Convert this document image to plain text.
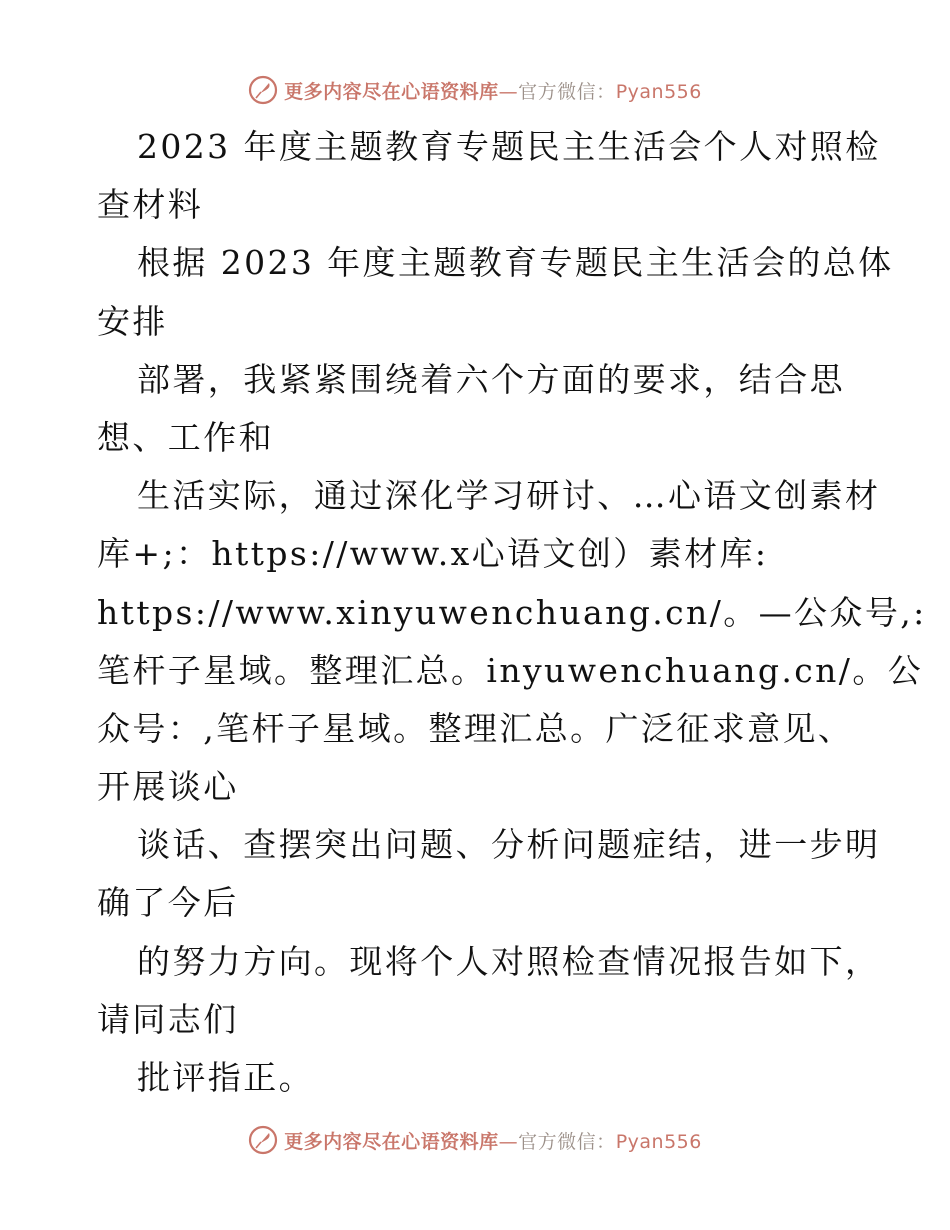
更多内容尽在心语资料库—官方微信：Pyan556
2023 年度主题教育专题民主生活会个人对照检
查材料
根据 2023 年度主题教育专题民主生活会的总体
安排
部署，我紧紧围绕着六个方面的要求，结合思
想、工作和
生活实际，通过深化学习研讨、…心语文创素材
库+;：https://www.x心语文创）素材库:
https://www.xinyuwenchuang.cn/。—公众号,:
笔杆子星域。整理汇总。inyuwenchuang.cn/。公
众号：,笔杆子星域。整理汇总。广泛征求意见、
开展谈心
谈话、查摆突出问题、分析问题症结，进一步明
确了今后
的努力方向。现将个人对照检查情况报告如下，
请同志们
批评指正。
更多内容尽在心语资料库—官方微信：Pyan556
